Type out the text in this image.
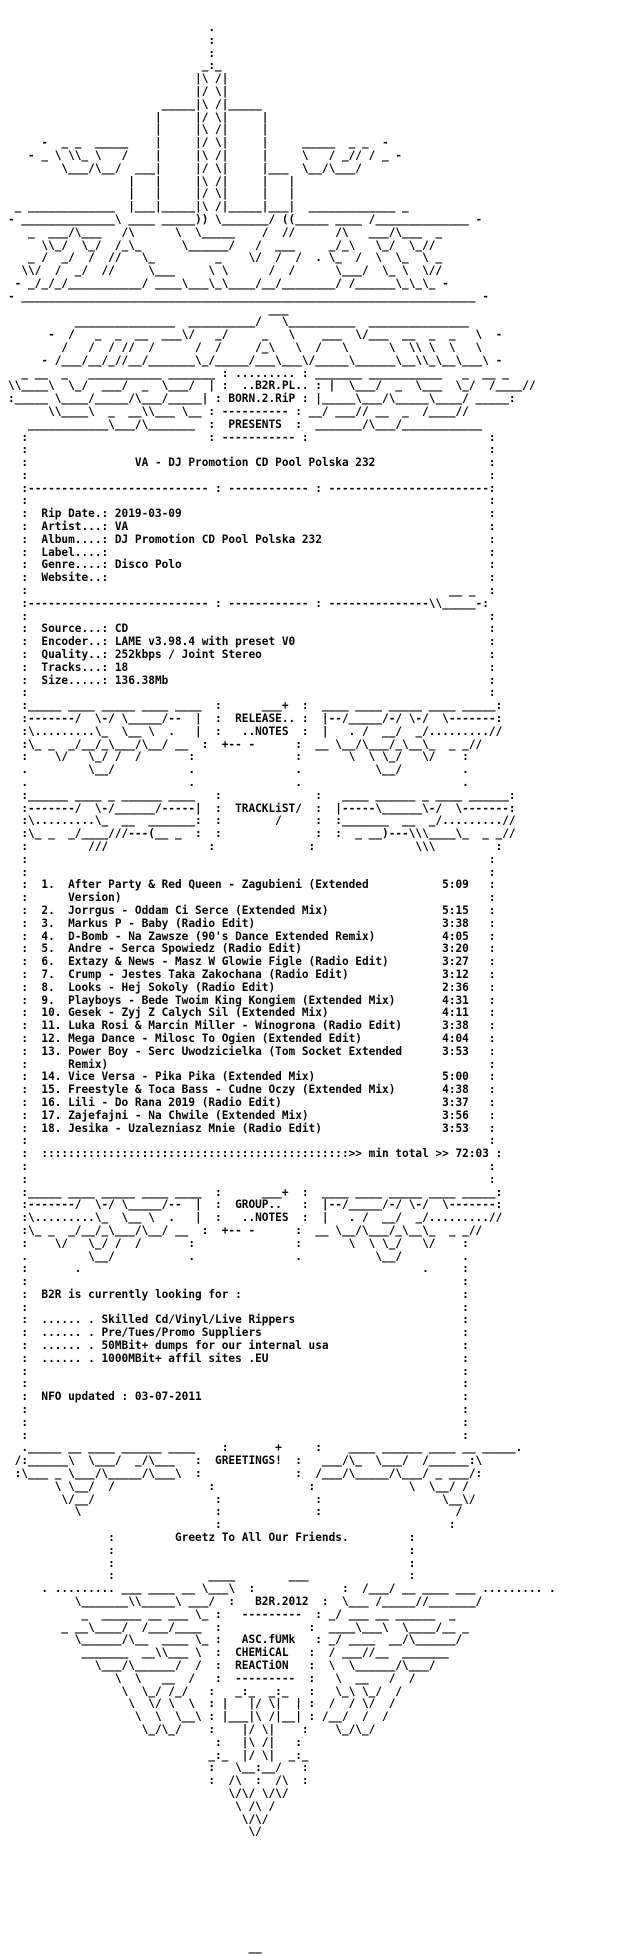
.
:
:
_:_
|\ /|
|/ \|
_____|\ /|_____
|     |/ \|     |
|     |\ /|     |
-  _ _  _____    |     |/ \|     |     _____  _ _  -
- _ \ \\_ \   /    |     |\ /|     |     \   / _// / _ -
\___/\__/  ___|     |/ \|     |___  \__/\___/
|   |     |\ /|     |   |
|   |     |/ \|     |   |
_ _____________  |___|_____|\ /|_____|___|  _____________ _
- ______________\ ____ _____)) \_______/ ((_____ ____ /______________ -
_  ___/\___   /\      \  \_____    /  //      /\   ___/\___  _
\\_/  \_/  /_\_      \______/   /  ___     _/_\   \_/  \_//
_ /  _/  /  //   \_         _    \/  /  /  . \_  /  \  \_  \ _
\\/  /  _/  //     \___     \ \      /  /      \___/  \_ \  \//
- _/_/_/___________/ ____\___\_\____/__/________/ /______\_\_\_ -
- ____________________________________________________________________ -
___
_______________  __________/   \__________  _______________
-  /   _  _  __  ___\/   _/     _   \    ___  \/___  __  _  _   \  -
/   /  / //  /      /  /     /_\   \  /   \      \  \\ \  \   \
- /___/__/_//__/_______\_/_____/___\___\/_____\______\__\\_\__\___\ -
_ __  _   ___________ _______ : ......... : _______ ___________   _  __ _
\\____\  \_/  ___/  _  \___/  | :  ..B2R.PL.. : |  \___/  _  \___  \_/  /____//
:_____ \____/_____/\___/_____| : BORN.2.RiP : |_____\___/\_____\____/ _____:
\\____\  _  __\\___ \__ : ---------- : __/ ___// __  _  /____//
____________\___/\_______  :  PRESENTS  :  _______/\___/____________
:                           : ----------- :                           :
:                                                                     :
:                VA - DJ Promotion CD Pool Polska 232                 :
:                                                                     :
:--------------------------- : ------------ : ------------------------:
:                                                                     :
:  Rip Date.: 2019-03-09                                              :
:  Artist...: VA                                                      :
:  Album....: DJ Promotion CD Pool Polska 232                         :
:  Label....:                                                         :
:  Genre....: Disco Polo                                              :
:  Website..:                                                         :
:                                                               __ _  :
:--------------------------- : ------------ : ---------------\\_____-:
:                                                                     :
:  Source...: CD                                                      :
:  Encoder..: LAME v3.98.4 with preset V0                             :
:  Quality..: 252kbps / Joint Stereo                                  :
:  Tracks...: 18                                                      :
:  Size.....: 136.38Mb                                                :
:                                                                     :
:_____ ____ _____ ____ ____  :      ___+  :  ____ ____ _____ ____ _____:
:-------/  \-/ \_____/--  |  :  RELEASE.. :  |--/_____/-/ \-/  \-------:
:\.........\_  \__ \  .   |  :   ..NOTES  :  |   . /  __/  _/.........//
:\_ _  _/__/_\___/\__/ __  :  +-- -      :  __ \__/\___/_\__\_  _ _//
:    \/   \_/ /  /       :               :       \  \ \_/   \/    :
.         \__/           .               .           \__/         .
.                        .               .                        .
:______ ____ _ ______ ____   :              :   ____ ______ _ ____ ______:
:-------/  \-/______/-----|  :  TRACKLiST/  :  |-----\______\-/  \-------:
:\.........\_  __  _______:  :        /     :  :_______  __  _/.........//
:\_ _  _/____///---(__ _  :  :              :  :  _ __)---\\\____\_  _ _//
:         ///               :              :               \\\         :
:                                                                     :
:                                                                     :
:  1.  After Party & Red Queen - Zagubieni (Extended           5:09   :
:      Version)                                                       :
:  2.  Jorrgus - Oddam Ci Serce (Extended Mix)                 5:15   :
:  3.  Markus P - Baby (Radio Edit)                            3:38   :
:  4.  D-Bomb - Na Zawsze (90's Dance Extended Remix)          4:05   :
:  5.  Andre - Serca Spowiedz (Radio Edit)                     3:20   :
:  6.  Extazy & News - Masz W Glowie Figle (Radio Edit)        3:27   :
:  7.  Crump - Jestes Taka Zakochana (Radio Edit)              3:12   :
:  8.  Looks - Hej Sokoly (Radio Edit)                         2:36   :
:  9.  Playboys - Bede Twoim King Kongiem (Extended Mix)       4:31   :
:  10. Gesek - Zyj Z Calych Sil (Extended Mix)                 4:11   :
:  11. Luka Rosi & Marcin Miller - Winogrona (Radio Edit)      3:38   :
:  12. Mega Dance - Milosc To Ogien (Extended Edit)            4:04   :
:  13. Power Boy - Serc Uwodzicielka (Tom Socket Extended      3:53   :
:      Remix)                                                         :
:  14. Vice Versa - Pika Pika (Extended Mix)                   5:00   :
:  15. Freestyle & Toca Bass - Cudne Oczy (Extended Mix)       4:38   :
:  16. Lili - Do Rana 2019 (Radio Edit)                        3:37   :
:  17. Zajefajni - Na Chwile (Extended Mix)                    3:56   :
:  18. Jesika - Uzalezniasz Mnie (Radio Edit)                  3:53   :
:                                                                     :
:  ::::::::::::::::::::::::::::::::::::::::::::::>> min total >> 72:03 :
:                                                                     :
:                                                                     :
:_____ ____ _____ ____ ____  :      ___+  :  ____ ____ _____ ____ _____:
:-------/  \-/ \_____/--  |  :  GROUP..   :  |--/_____/-/ \-/  \-------:
:\.........\_  \__ \  .   |  :   ..NOTES  :  |   . /  __/  _/.........//
:\_ _  _/__/_\___/\__/ __  :  +-- -      :  __ \__/\___/_\__\_  _ _//
:    \/   \_/ /  /       :               :       \  \ \_/   \/    :
.         \__/           .               .           \__/         .
:       .                                                   .     :
:                                                                 :
:  B2R is currently looking for :                                 :
:                                                                 :
:  ...... . Skilled Cd/Vinyl/Live Rippers                         :
:  ...... . Pre/Tues/Promo Suppliers                              :
:  ...... . 50MBit+ dumps for our internal usa                    :
:  ...... . 1000MBit+ affil sites .EU                             :
:                                                                 :
:                                                                 :
:  NFO updated : 03-07-2011                                       :
:                                                                 :
:                                                                 :
:                                                                 :
._____ __ ____ ______ ____    :       +     :    ____ ______ ____ __ _____.
/:______\  \___/  _/\___   :  GREETINGS!  :   ___/\_  \___/  /______:\
:\___ _ \___/\_____/\___\  :              :  /___/\_____/\___/ _ ___/:
\ \__/  /              :              :              \  \__/ /
\/__/                  :              :                  \__\/
\                    :              :                    /
:                                  :
:         Greetz To All Our Friends.         :
:                                            :
:                                            :
:              ____        ___               :
. ......... ___ ____ __ \___\  :             :  /___/ __ ____ ___ ......... .
\_______\\_____\ ___/  :   B2R.2012  :  \___ /_____//_______/
_  ______ __ ___ \_ :   ---------  : _/ ___ __ ______  _
_ __\____/  /___/____  :             :  ____\___\  \____/__ _
\______/\__  ____ \_ :   ASC.fUMk   : _/ ____  __/\______/
_______  __\\___ \  :  CHEMiCAL   :  / ___//__  _______
\___/\______/  /  :  REACTiON   :  \  \______/\___/
\  \   __  /   :  ---------  :   \  __   /  /
\  \_/ /_/   :   _:_  _:_   :   \_\ \_/  /
\  \/ \  \  : |   |/ \|  | :  /  / \/  /
\  \  \__\ : |___|\ /|__| : /__/  /  /
\_/\_/    :    |/ \|    :    \_/\_/
:   |\ /|   :
_:_  |/ \|  _:_
:   \__:__/   :
:  /\  :  /\  :
\/\/ \/\/
\ /\ /
\/\/
\/
__
